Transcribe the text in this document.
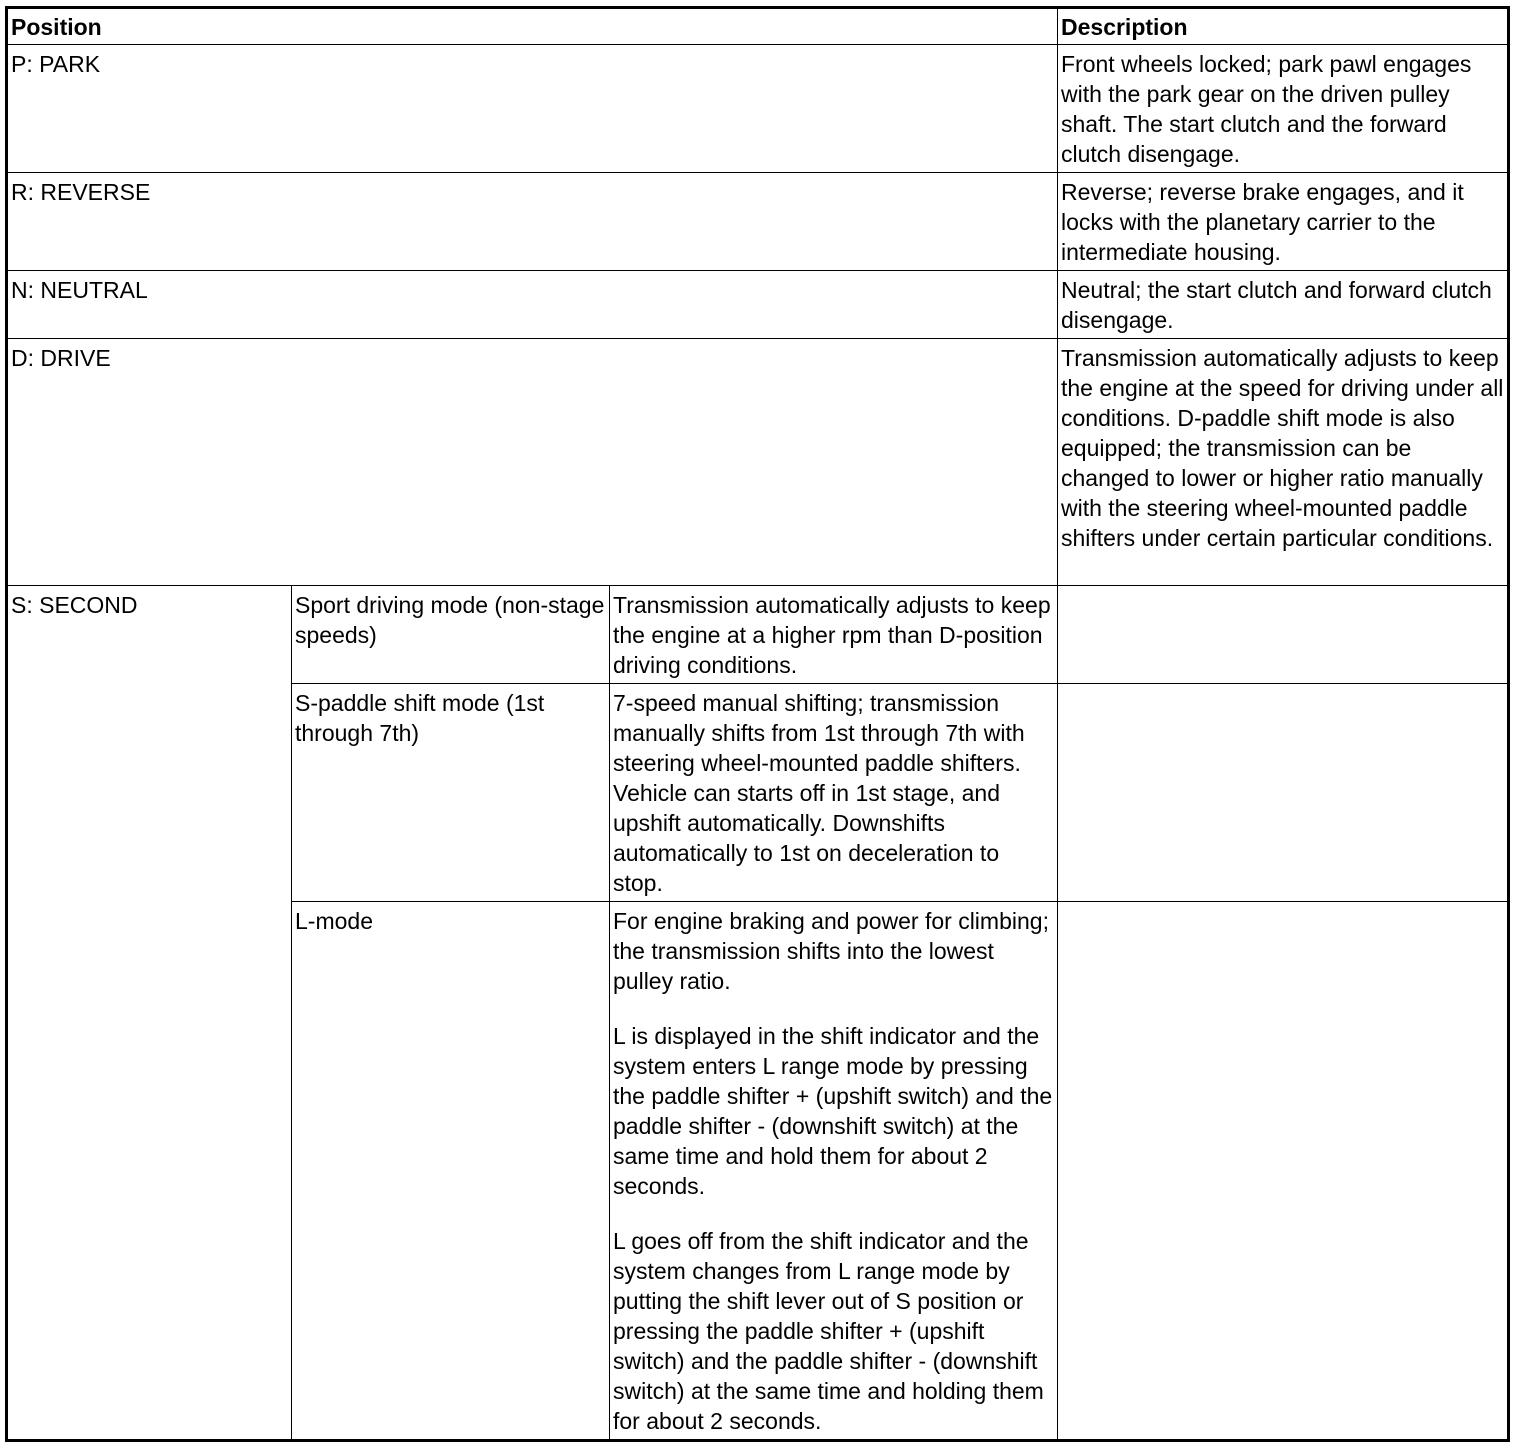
Position			Description
P: PARK			Front wheels locked; park pawl engages with the park gear on the driven pulley shaft. The start clutch and the forward clutch disengage.
R: REVERSE			Reverse; reverse brake engages, and it locks with the planetary carrier to the intermediate housing.
N: NEUTRAL			Neutral; the start clutch and forward clutch disengage.
D: DRIVE			Transmission automatically adjusts to keep the engine at the speed for driving under all conditions. D-paddle shift mode is also equipped; the transmission can be changed to lower or higher ratio manually with the steering wheel-mounted paddle shifters under certain particular conditions.
S: SECOND	Sport driving mode (non-stage speeds)	Transmission automatically adjusts to keep the engine at a higher rpm than D-position driving conditions.	
	S-paddle shift mode (1st through 7th)	7-speed manual shifting; transmission manually shifts from 1st through 7th with steering wheel-mounted paddle shifters. Vehicle can starts off in 1st stage, and upshift automatically. Downshifts automatically to 1st on deceleration to stop.	
	L-mode	For engine braking and power for climbing; the transmission shifts into the lowest pulley ratio.
L is displayed in the shift indicator and the system enters L range mode by pressing the paddle shifter + (upshift switch) and the paddle shifter - (downshift switch) at the same time and hold them for about 2 seconds.
L goes off from the shift indicator and the system changes from L range mode by putting the shift lever out of S position or pressing the paddle shifter + (upshift switch) and the paddle shifter - (downshift switch) at the same time and holding them for about 2 seconds.	
